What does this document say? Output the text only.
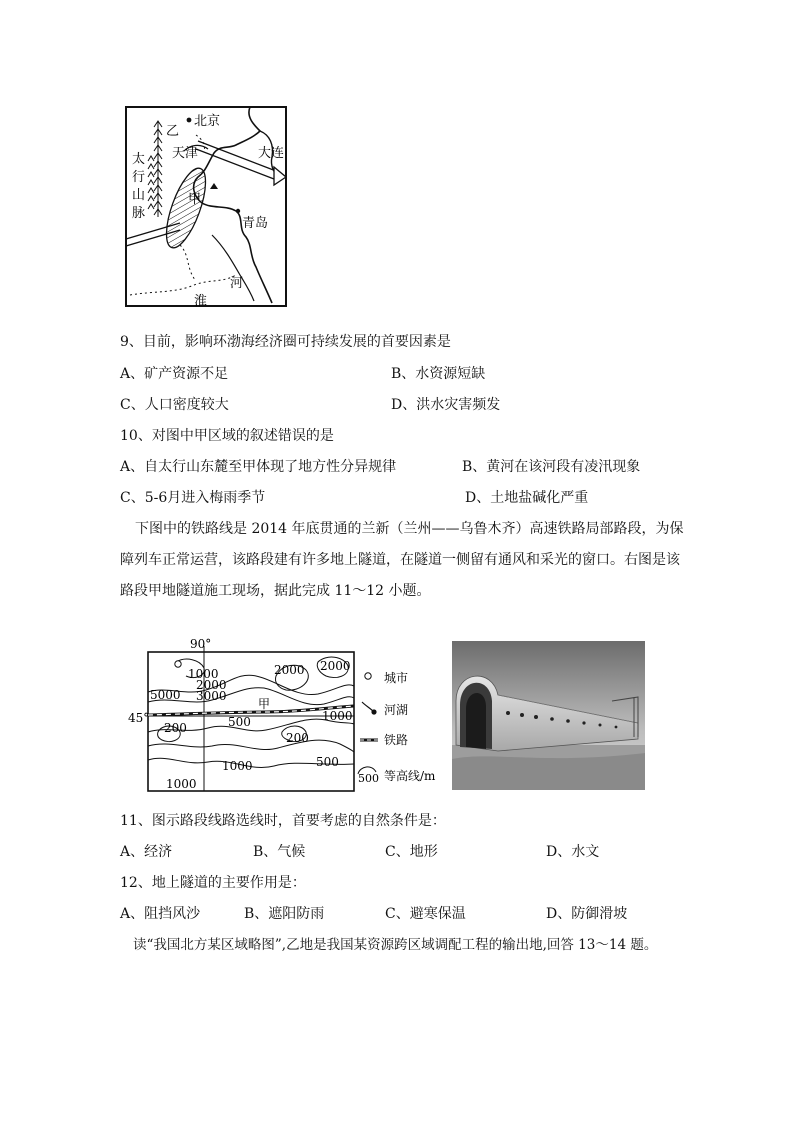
北京
乙
天津	大连
太
行
山
脉
甲
青岛
河
淮
9、目前，影响环渤海经济圈可持续发展的首要因素是
A、矿产资源不足	B、水资源短缺
C、人口密度较大	D、洪水灾害频发
10、对图中甲区域的叙述错误的是
A、自太行山东麓至甲体现了地方性分异规律	B、黄河在该河段有凌汛现象
C、5-6月进入梅雨季节	D、土地盐碱化严重
下图中的铁路线是 2014 年底贯通的兰新（兰州——乌鲁木齐）高速铁路局部路段，为保
障列车正常运营，该路段建有许多地上隧道，在隧道一侧留有通风和采光的窗口。右图是该
路段甲地隧道施工现场，据此完成 11～12 小题。
90°
45°
1000
2000
3000
5000
2000 2000
甲
500	1000
200
200
1000	500
1000
城市
河湖
铁路
500 等高线/m
11、图示路段线路选线时，首要考虑的自然条件是：
A、经济	B、气候	C、地形	D、水文
12、地上隧道的主要作用是：
A、阻挡风沙	B、遮阳防雨	C、避寒保温	D、防御滑坡
读“我国北方某区域略图”,乙地是我国某资源跨区域调配工程的输出地,回答 13～14 题。
